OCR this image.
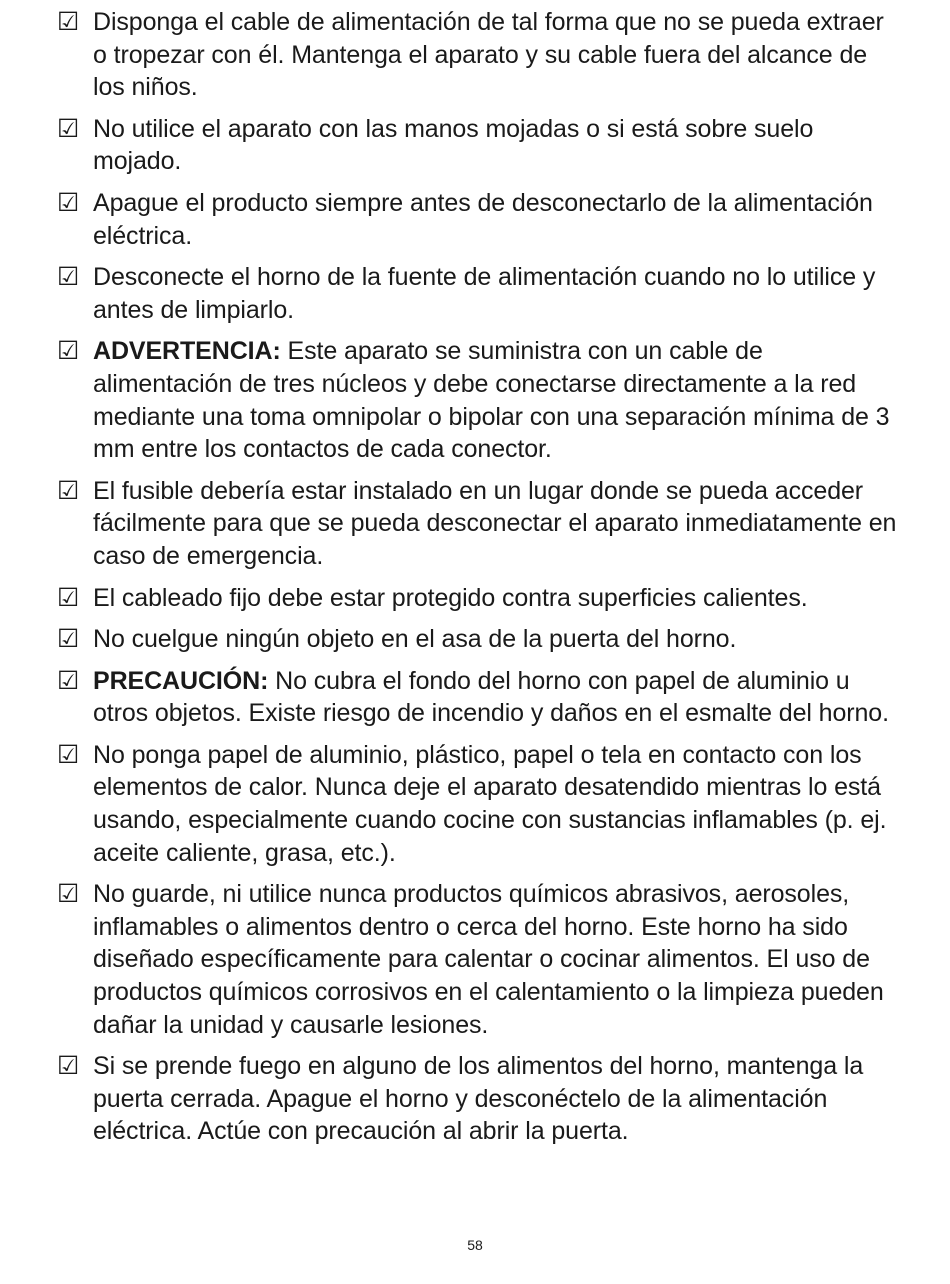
☑ Disponga el cable de alimentación de tal forma que no se pueda extraer o tropezar con él. Mantenga el aparato y su cable fuera del alcance de los niños.
☑ No utilice el aparato con las manos mojadas o si está sobre suelo mojado.
☑ Apague el producto siempre antes de desconectarlo de la alimentación eléctrica.
☑ Desconecte el horno de la fuente de alimentación cuando no lo utilice y antes de limpiarlo.
☑ ADVERTENCIA: Este aparato se suministra con un cable de alimentación de tres núcleos y debe conectarse directamente a la red mediante una toma omnipolar o bipolar con una separación mínima de 3 mm entre los contactos de cada conector.
☑ El fusible debería estar instalado en un lugar donde se pueda acceder fácilmente para que se pueda desconectar el aparato inmediatamente en caso de emergencia.
☑ El cableado fijo debe estar protegido contra superficies calientes.
☑ No cuelgue ningún objeto en el asa de la puerta del horno.
☑ PRECAUCIÓN: No cubra el fondo del horno con papel de aluminio u otros objetos. Existe riesgo de incendio y daños en el esmalte del horno.
☑ No ponga papel de aluminio, plástico, papel o tela en contacto con los elementos de calor. Nunca deje el aparato desatendido mientras lo está usando, especialmente cuando cocine con sustancias inflamables (p. ej. aceite caliente, grasa, etc.).
☑ No guarde, ni utilice nunca productos químicos abrasivos, aerosoles, inflamables o alimentos dentro o cerca del horno. Este horno ha sido diseñado específicamente para calentar o cocinar alimentos. El uso de productos químicos corrosivos en el calentamiento o la limpieza pueden dañar la unidad y causarle lesiones.
☑ Si se prende fuego en alguno de los alimentos del horno, mantenga la puerta cerrada. Apague el horno y desconéctelo de la alimentación eléctrica. Actúe con precaución al abrir la puerta.
58
